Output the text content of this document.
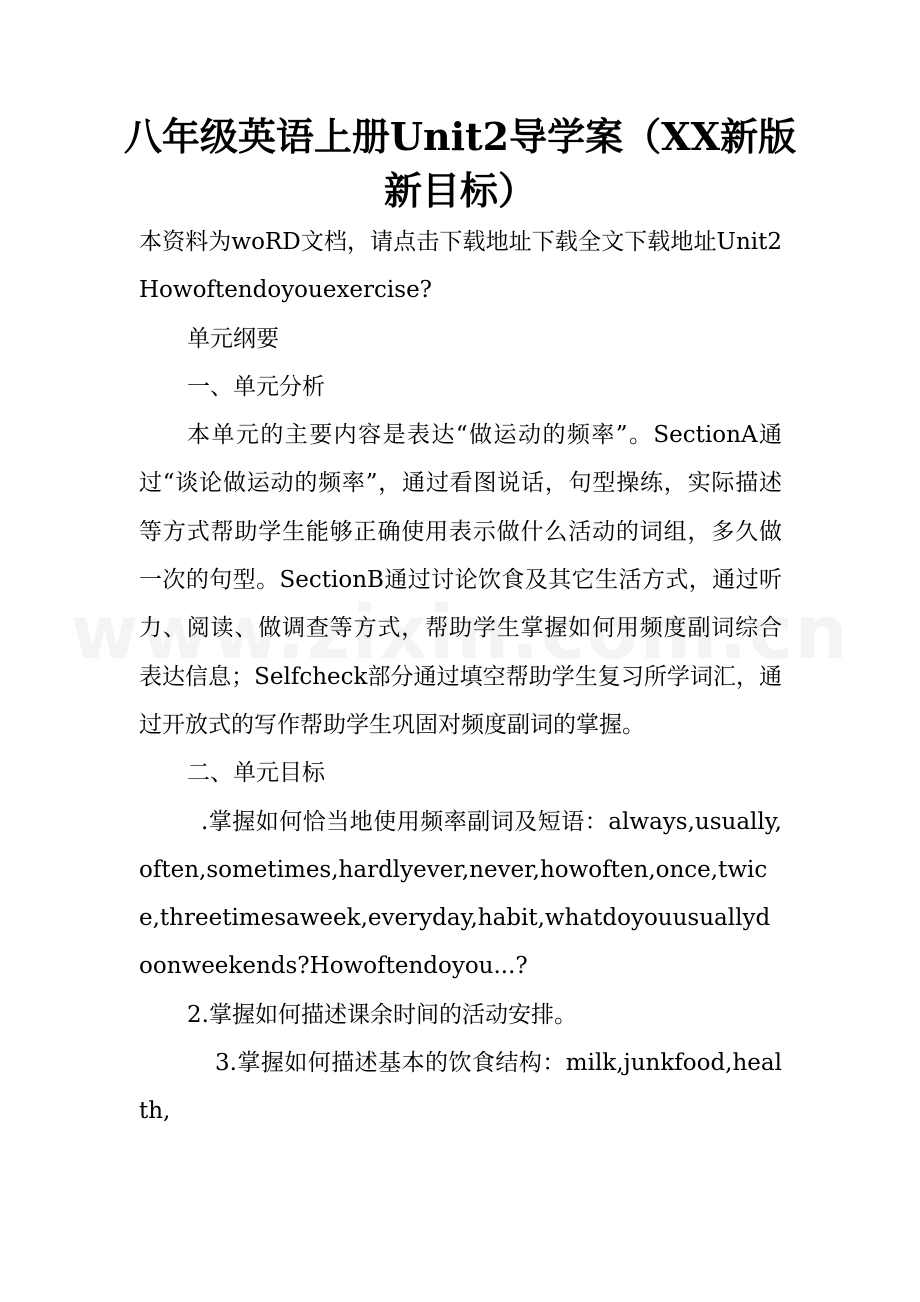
八年级英语上册Unit2导学案（XX新版新目标）

本资料为woRD文档，请点击下载地址下载全文下载地址Unit2Howoftendoyouexercise?

单元纲要

一、单元分析

本单元的主要内容是表达“做运动的频率”。SectionA通过“谈论做运动的频率”，通过看图说话，句型操练，实际描述等方式帮助学生能够正确使用表示做什么活动的词组，多久做一次的句型。SectionB通过讨论饮食及其它生活方式，通过听力、阅读、做调查等方式，帮助学生掌握如何用频度副词综合表达信息；Selfcheck部分通过填空帮助学生复习所学词汇，通过开放式的写作帮助学生巩固对频度副词的掌握。

二、单元目标

.掌握如何恰当地使用频率副词及短语：always,usually,often,sometimes,hardlyever,never,howoften,once,twice,threetimesaweek,everyday,habit,whatdoyouusuallydoonweekends?Howoftendoyou...?

2.掌握如何描述课余时间的活动安排。

3.掌握如何描述基本的饮食结构：milk,junkfood,health,
